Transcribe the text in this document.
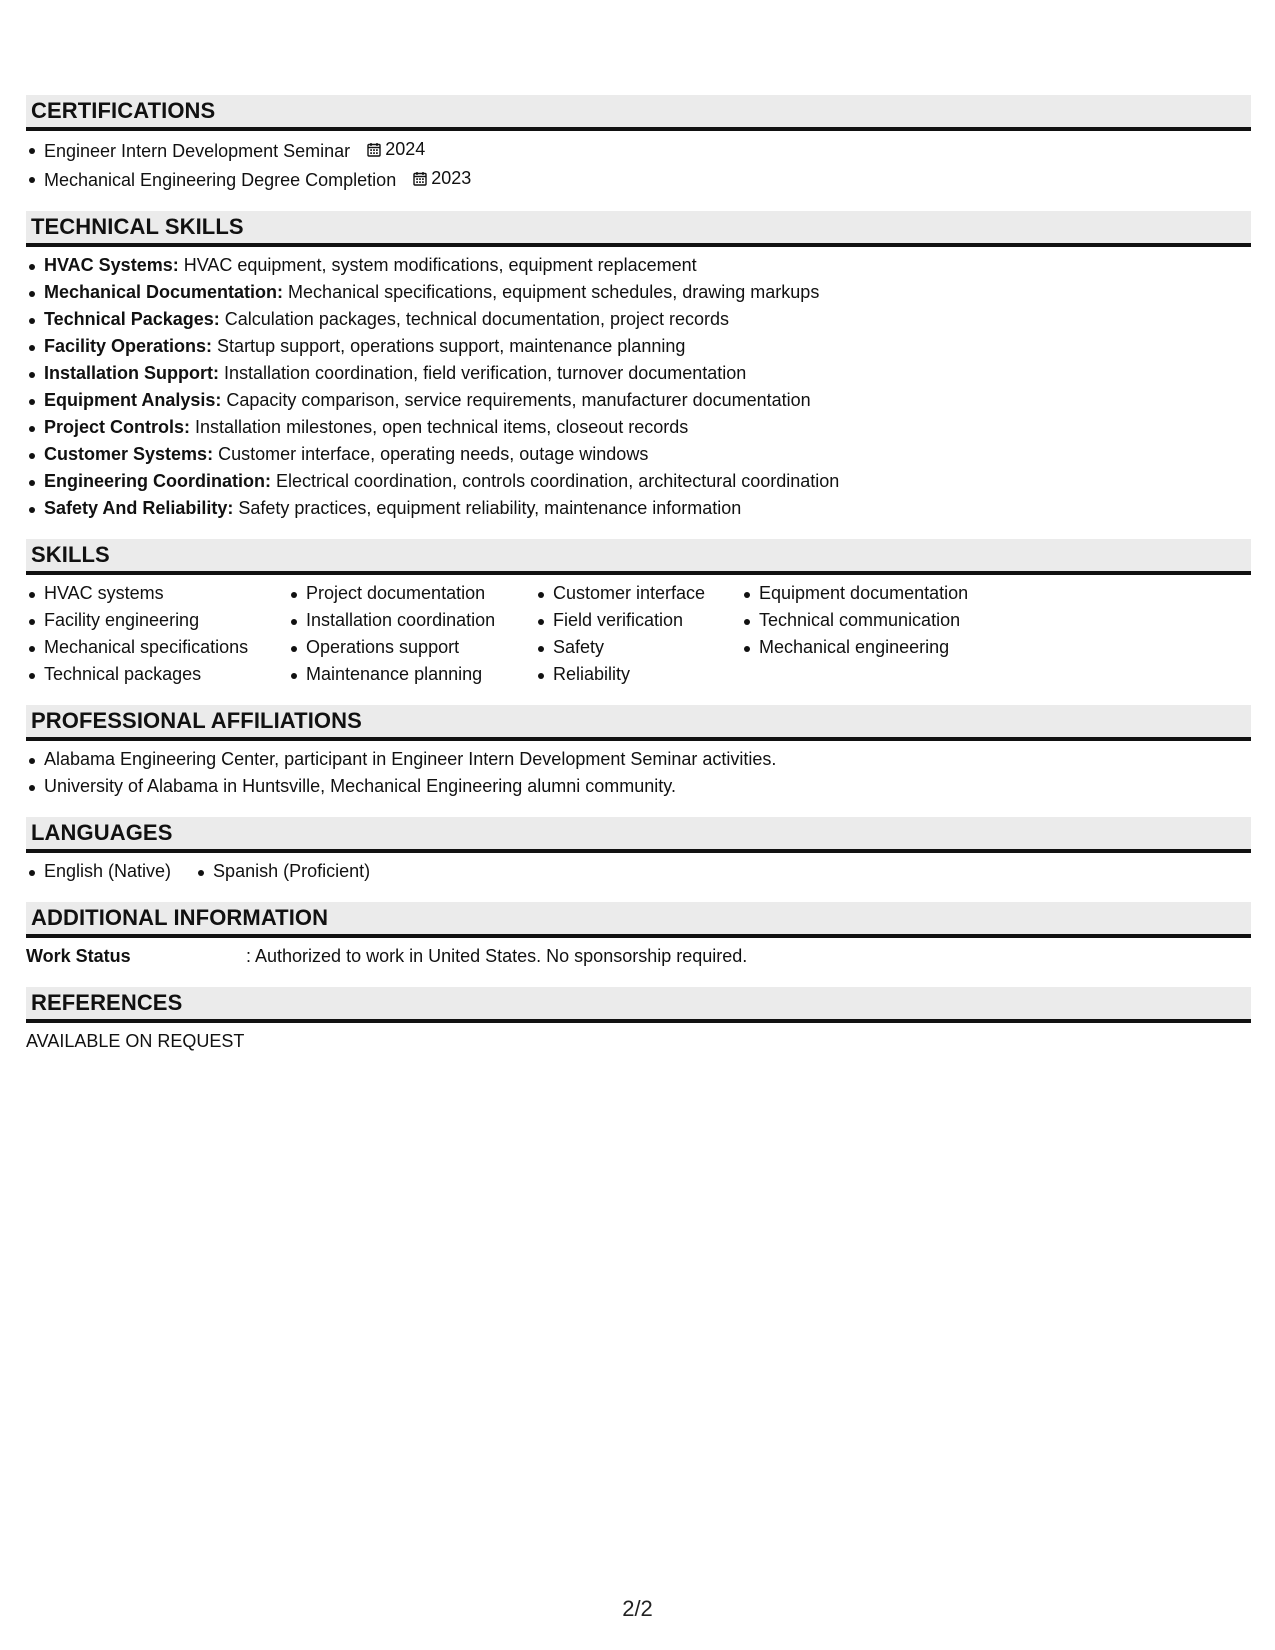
CERTIFICATIONS
Engineer Intern Development Seminar 2024
Mechanical Engineering Degree Completion 2023
TECHNICAL SKILLS
HVAC Systems: HVAC equipment, system modifications, equipment replacement
Mechanical Documentation: Mechanical specifications, equipment schedules, drawing markups
Technical Packages: Calculation packages, technical documentation, project records
Facility Operations: Startup support, operations support, maintenance planning
Installation Support: Installation coordination, field verification, turnover documentation
Equipment Analysis: Capacity comparison, service requirements, manufacturer documentation
Project Controls: Installation milestones, open technical items, closeout records
Customer Systems: Customer interface, operating needs, outage windows
Engineering Coordination: Electrical coordination, controls coordination, architectural coordination
Safety And Reliability: Safety practices, equipment reliability, maintenance information
SKILLS
HVAC systems
Facility engineering
Mechanical specifications
Technical packages
Project documentation
Installation coordination
Operations support
Maintenance planning
Customer interface
Field verification
Safety
Reliability
Equipment documentation
Technical communication
Mechanical engineering
PROFESSIONAL AFFILIATIONS
Alabama Engineering Center, participant in Engineer Intern Development Seminar activities.
University of Alabama in Huntsville, Mechanical Engineering alumni community.
LANGUAGES
English (Native)	Spanish (Proficient)
ADDITIONAL INFORMATION
Work Status	: Authorized to work in United States. No sponsorship required.
REFERENCES
AVAILABLE ON REQUEST
2/2
